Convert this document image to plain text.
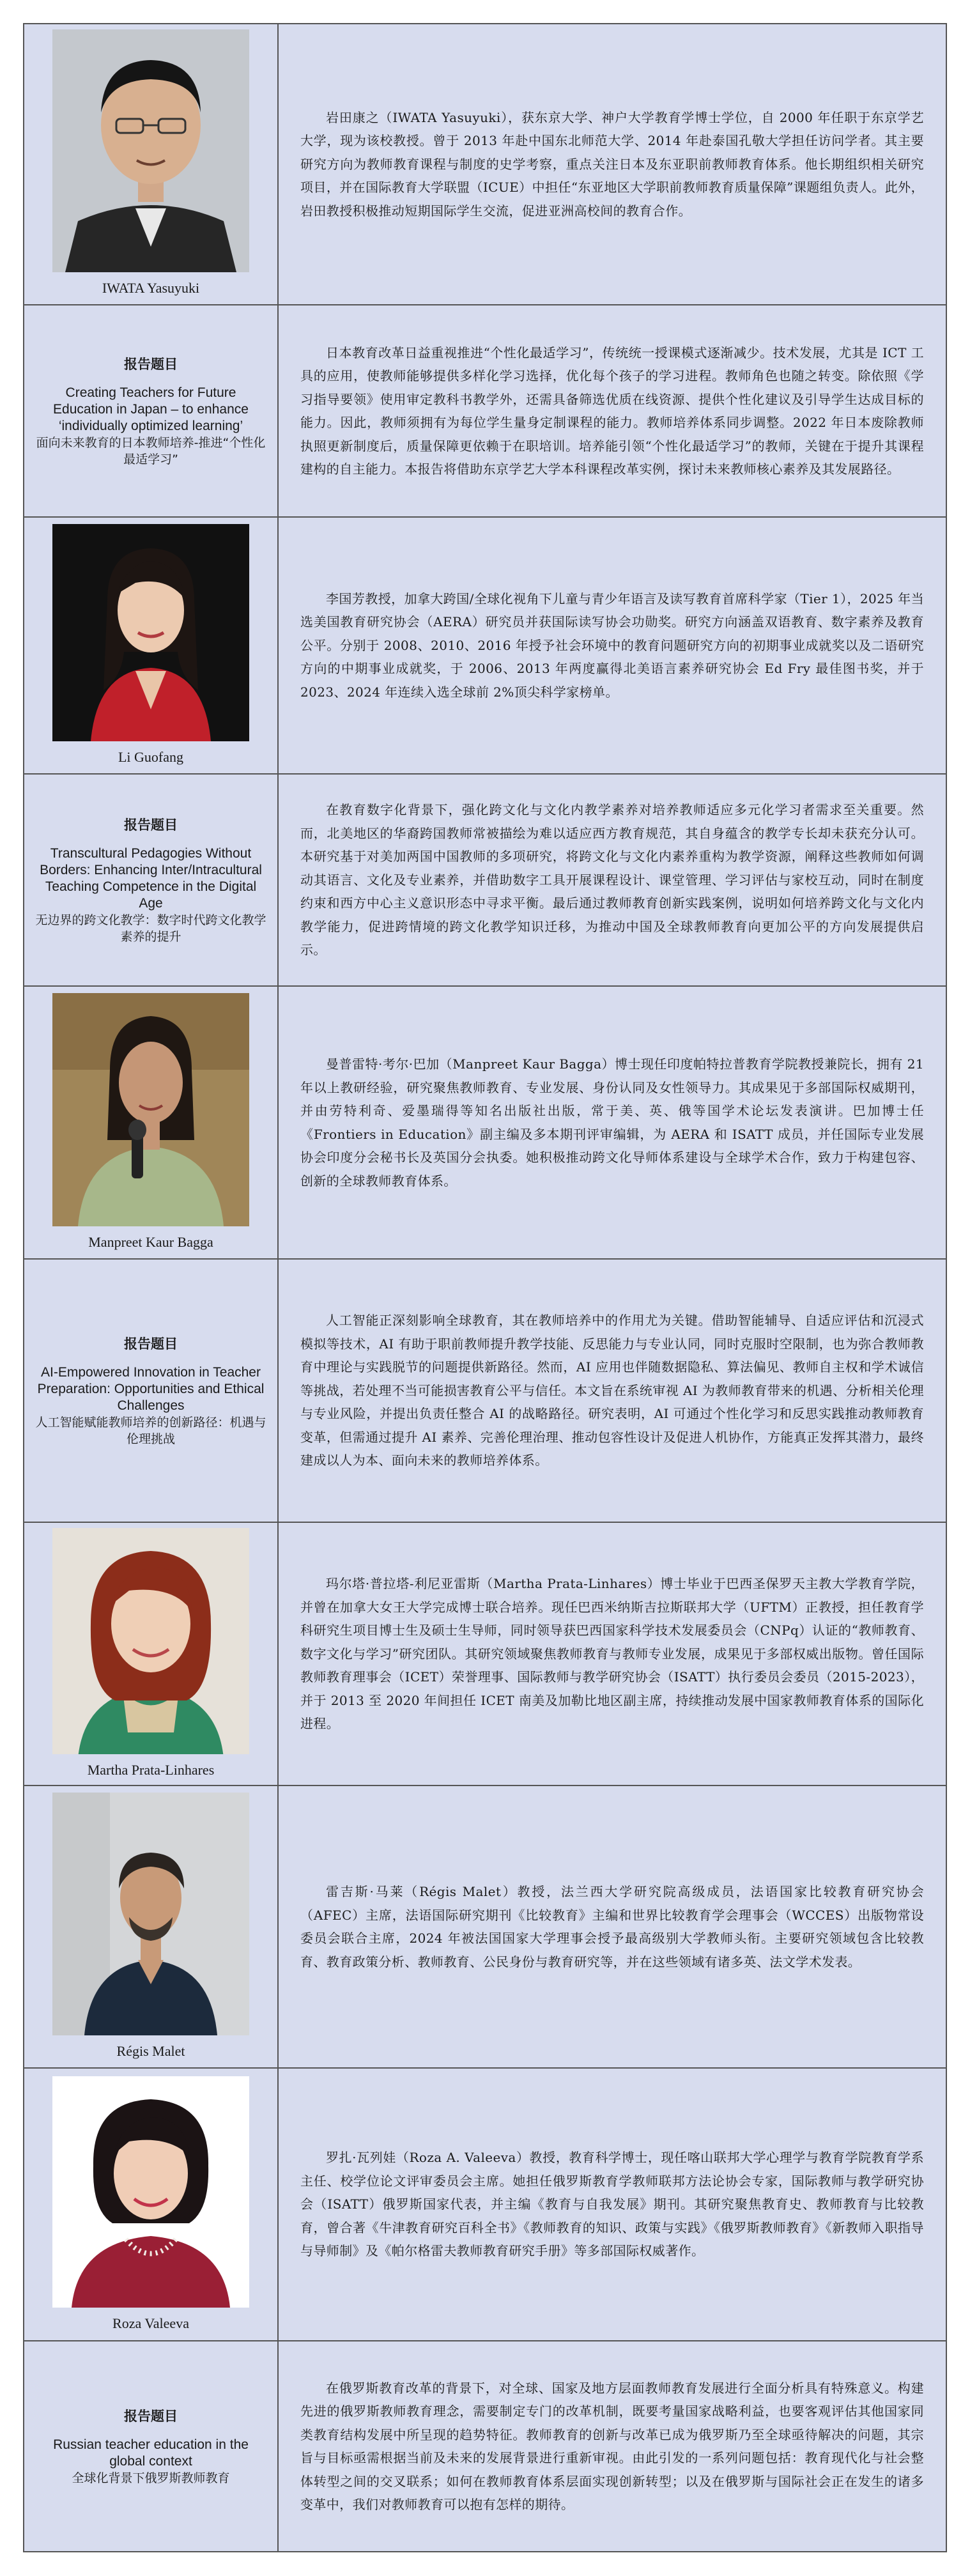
IWATA Yasuyuki

岩田康之（IWATA Yasuyuki），获东京大学、神户大学教育学博士学位，自 2000 年任职于东京学艺大学，现为该校教授。曾于 2013 年赴中国东北师范大学、2014 年赴泰国孔敬大学担任访问学者。其主要研究方向为教师教育课程与制度的史学考察，重点关注日本及东亚职前教师教育体系。他长期组织相关研究项目，并在国际教育大学联盟（ICUE）中担任“东亚地区大学职前教师教育质量保障”课题组负责人。此外，岩田教授积极推动短期国际学生交流，促进亚洲高校间的教育合作。

报告题目
Creating Teachers for Future Education in Japan – to enhance ‘individually optimized learning’
面向未来教育的日本教师培养-推进“个性化最适学习”

日本教育改革日益重视推进“个性化最适学习”，传统统一授课模式逐渐减少。技术发展，尤其是 ICT 工具的应用，使教师能够提供多样化学习选择，优化每个孩子的学习进程。教师角色也随之转变。除依照《学习指导要领》使用审定教科书教学外，还需具备筛选优质在线资源、提供个性化建议及引导学生达成目标的能力。因此，教师须拥有为每位学生量身定制课程的能力。教师培养体系同步调整。2022 年日本废除教师执照更新制度后，质量保障更依赖于在职培训。培养能引领“个性化最适学习”的教师，关键在于提升其课程建构的自主能力。本报告将借助东京学艺大学本科课程改革实例，探讨未来教师核心素养及其发展路径。

Li Guofang

李国芳教授，加拿大跨国/全球化视角下儿童与青少年语言及读写教育首席科学家（Tier 1），2025 年当选美国教育研究协会（AERA）研究员并获国际读写协会功勋奖。研究方向涵盖双语教育、数字素养及教育公平。分别于 2008、2010、2016 年授予社会环境中的教育问题研究方向的初期事业成就奖以及二语研究方向的中期事业成就奖，于 2006、2013 年两度赢得北美语言素养研究协会 Ed Fry 最佳图书奖，并于 2023、2024 年连续入选全球前 2%顶尖科学家榜单。

报告题目
Transcultural Pedagogies Without Borders: Enhancing Inter/Intracultural Teaching Competence in the Digital Age
无边界的跨文化教学：数字时代跨文化教学素养的提升

在教育数字化背景下，强化跨文化与文化内教学素养对培养教师适应多元化学习者需求至关重要。然而，北美地区的华裔跨国教师常被描绘为难以适应西方教育规范，其自身蕴含的教学专长却未获充分认可。本研究基于对美加两国中国教师的多项研究，将跨文化与文化内素养重构为教学资源，阐释这些教师如何调动其语言、文化及专业素养，并借助数字工具开展课程设计、课堂管理、学习评估与家校互动，同时在制度约束和西方中心主义意识形态中寻求平衡。最后通过教师教育创新实践案例，说明如何培养跨文化与文化内教学能力，促进跨情境的跨文化教学知识迁移，为推动中国及全球教师教育向更加公平的方向发展提供启示。

Manpreet Kaur Bagga

曼普雷特·考尔·巴加（Manpreet Kaur Bagga）博士现任印度帕特拉普教育学院教授兼院长，拥有 21 年以上教研经验，研究聚焦教师教育、专业发展、身份认同及女性领导力。其成果见于多部国际权威期刊，并由劳特利奇、爱墨瑞得等知名出版社出版，常于美、英、俄等国学术论坛发表演讲。巴加博士任《Frontiers in Education》副主编及多本期刊评审编辑，为 AERA 和 ISATT 成员，并任国际专业发展协会印度分会秘书长及英国分会执委。她积极推动跨文化导师体系建设与全球学术合作，致力于构建包容、创新的全球教师教育体系。

报告题目
AI-Empowered Innovation in Teacher Preparation: Opportunities and Ethical Challenges
人工智能赋能教师培养的创新路径：机遇与伦理挑战

人工智能正深刻影响全球教育，其在教师培养中的作用尤为关键。借助智能辅导、自适应评估和沉浸式模拟等技术，AI 有助于职前教师提升教学技能、反思能力与专业认同，同时克服时空限制，也为弥合教师教育中理论与实践脱节的问题提供新路径。然而，AI 应用也伴随数据隐私、算法偏见、教师自主权和学术诚信等挑战，若处理不当可能损害教育公平与信任。本文旨在系统审视 AI 为教师教育带来的机遇、分析相关伦理与专业风险，并提出负责任整合 AI 的战略路径。研究表明，AI 可通过个性化学习和反思实践推动教师教育变革，但需通过提升 AI 素养、完善伦理治理、推动包容性设计及促进人机协作，方能真正发挥其潜力，最终建成以人为本、面向未来的教师培养体系。

Martha Prata-Linhares

玛尔塔·普拉塔-利尼亚雷斯（Martha Prata-Linhares）博士毕业于巴西圣保罗天主教大学教育学院，并曾在加拿大女王大学完成博士联合培养。现任巴西米纳斯吉拉斯联邦大学（UFTM）正教授，担任教育学科研究生项目博士生及硕士生导师，同时领导获巴西国家科学技术发展委员会（CNPq）认证的“教师教育、数字文化与学习”研究团队。其研究领域聚焦教师教育与教师专业发展，成果见于多部权威出版物。曾任国际教师教育理事会（ICET）荣誉理事、国际教师与教学研究协会（ISATT）执行委员会委员（2015-2023），并于 2013 至 2020 年间担任 ICET 南美及加勒比地区副主席，持续推动发展中国家教师教育体系的国际化进程。

Régis Malet

雷吉斯·马莱（Régis Malet）教授，法兰西大学研究院高级成员，法语国家比较教育研究协会（AFEC）主席，法语国际研究期刊《比较教育》主编和世界比较教育学会理事会（WCCES）出版物常设委员会联合主席，2024 年被法国国家大学理事会授予最高级别大学教师头衔。主要研究领域包含比较教育、教育政策分析、教师教育、公民身份与教育研究等，并在这些领域有诸多英、法文学术发表。

Roza Valeeva

罗扎·瓦列娃（Roza A. Valeeva）教授，教育科学博士，现任喀山联邦大学心理学与教育学院教育学系主任、校学位论文评审委员会主席。她担任俄罗斯教育学教师联邦方法论协会专家，国际教师与教学研究协会（ISATT）俄罗斯国家代表，并主编《教育与自我发展》期刊。其研究聚焦教育史、教师教育与比较教育，曾合著《牛津教育研究百科全书》《教师教育的知识、政策与实践》《俄罗斯教师教育》《新教师入职指导与导师制》及《帕尔格雷夫教师教育研究手册》等多部国际权威著作。

报告题目
Russian teacher education in the global context
全球化背景下俄罗斯教师教育

在俄罗斯教育改革的背景下，对全球、国家及地方层面教师教育发展进行全面分析具有特殊意义。构建先进的俄罗斯教师教育理念，需要制定专门的改革机制，既要考量国家战略利益，也要客观评估其他国家同类教育结构发展中所呈现的趋势特征。教师教育的创新与改革已成为俄罗斯乃至全球亟待解决的问题，其宗旨与目标亟需根据当前及未来的发展背景进行重新审视。由此引发的一系列问题包括：教育现代化与社会整体转型之间的交叉联系；如何在教师教育体系层面实现创新转型；以及在俄罗斯与国际社会正在发生的诸多变革中，我们对教师教育可以抱有怎样的期待。
